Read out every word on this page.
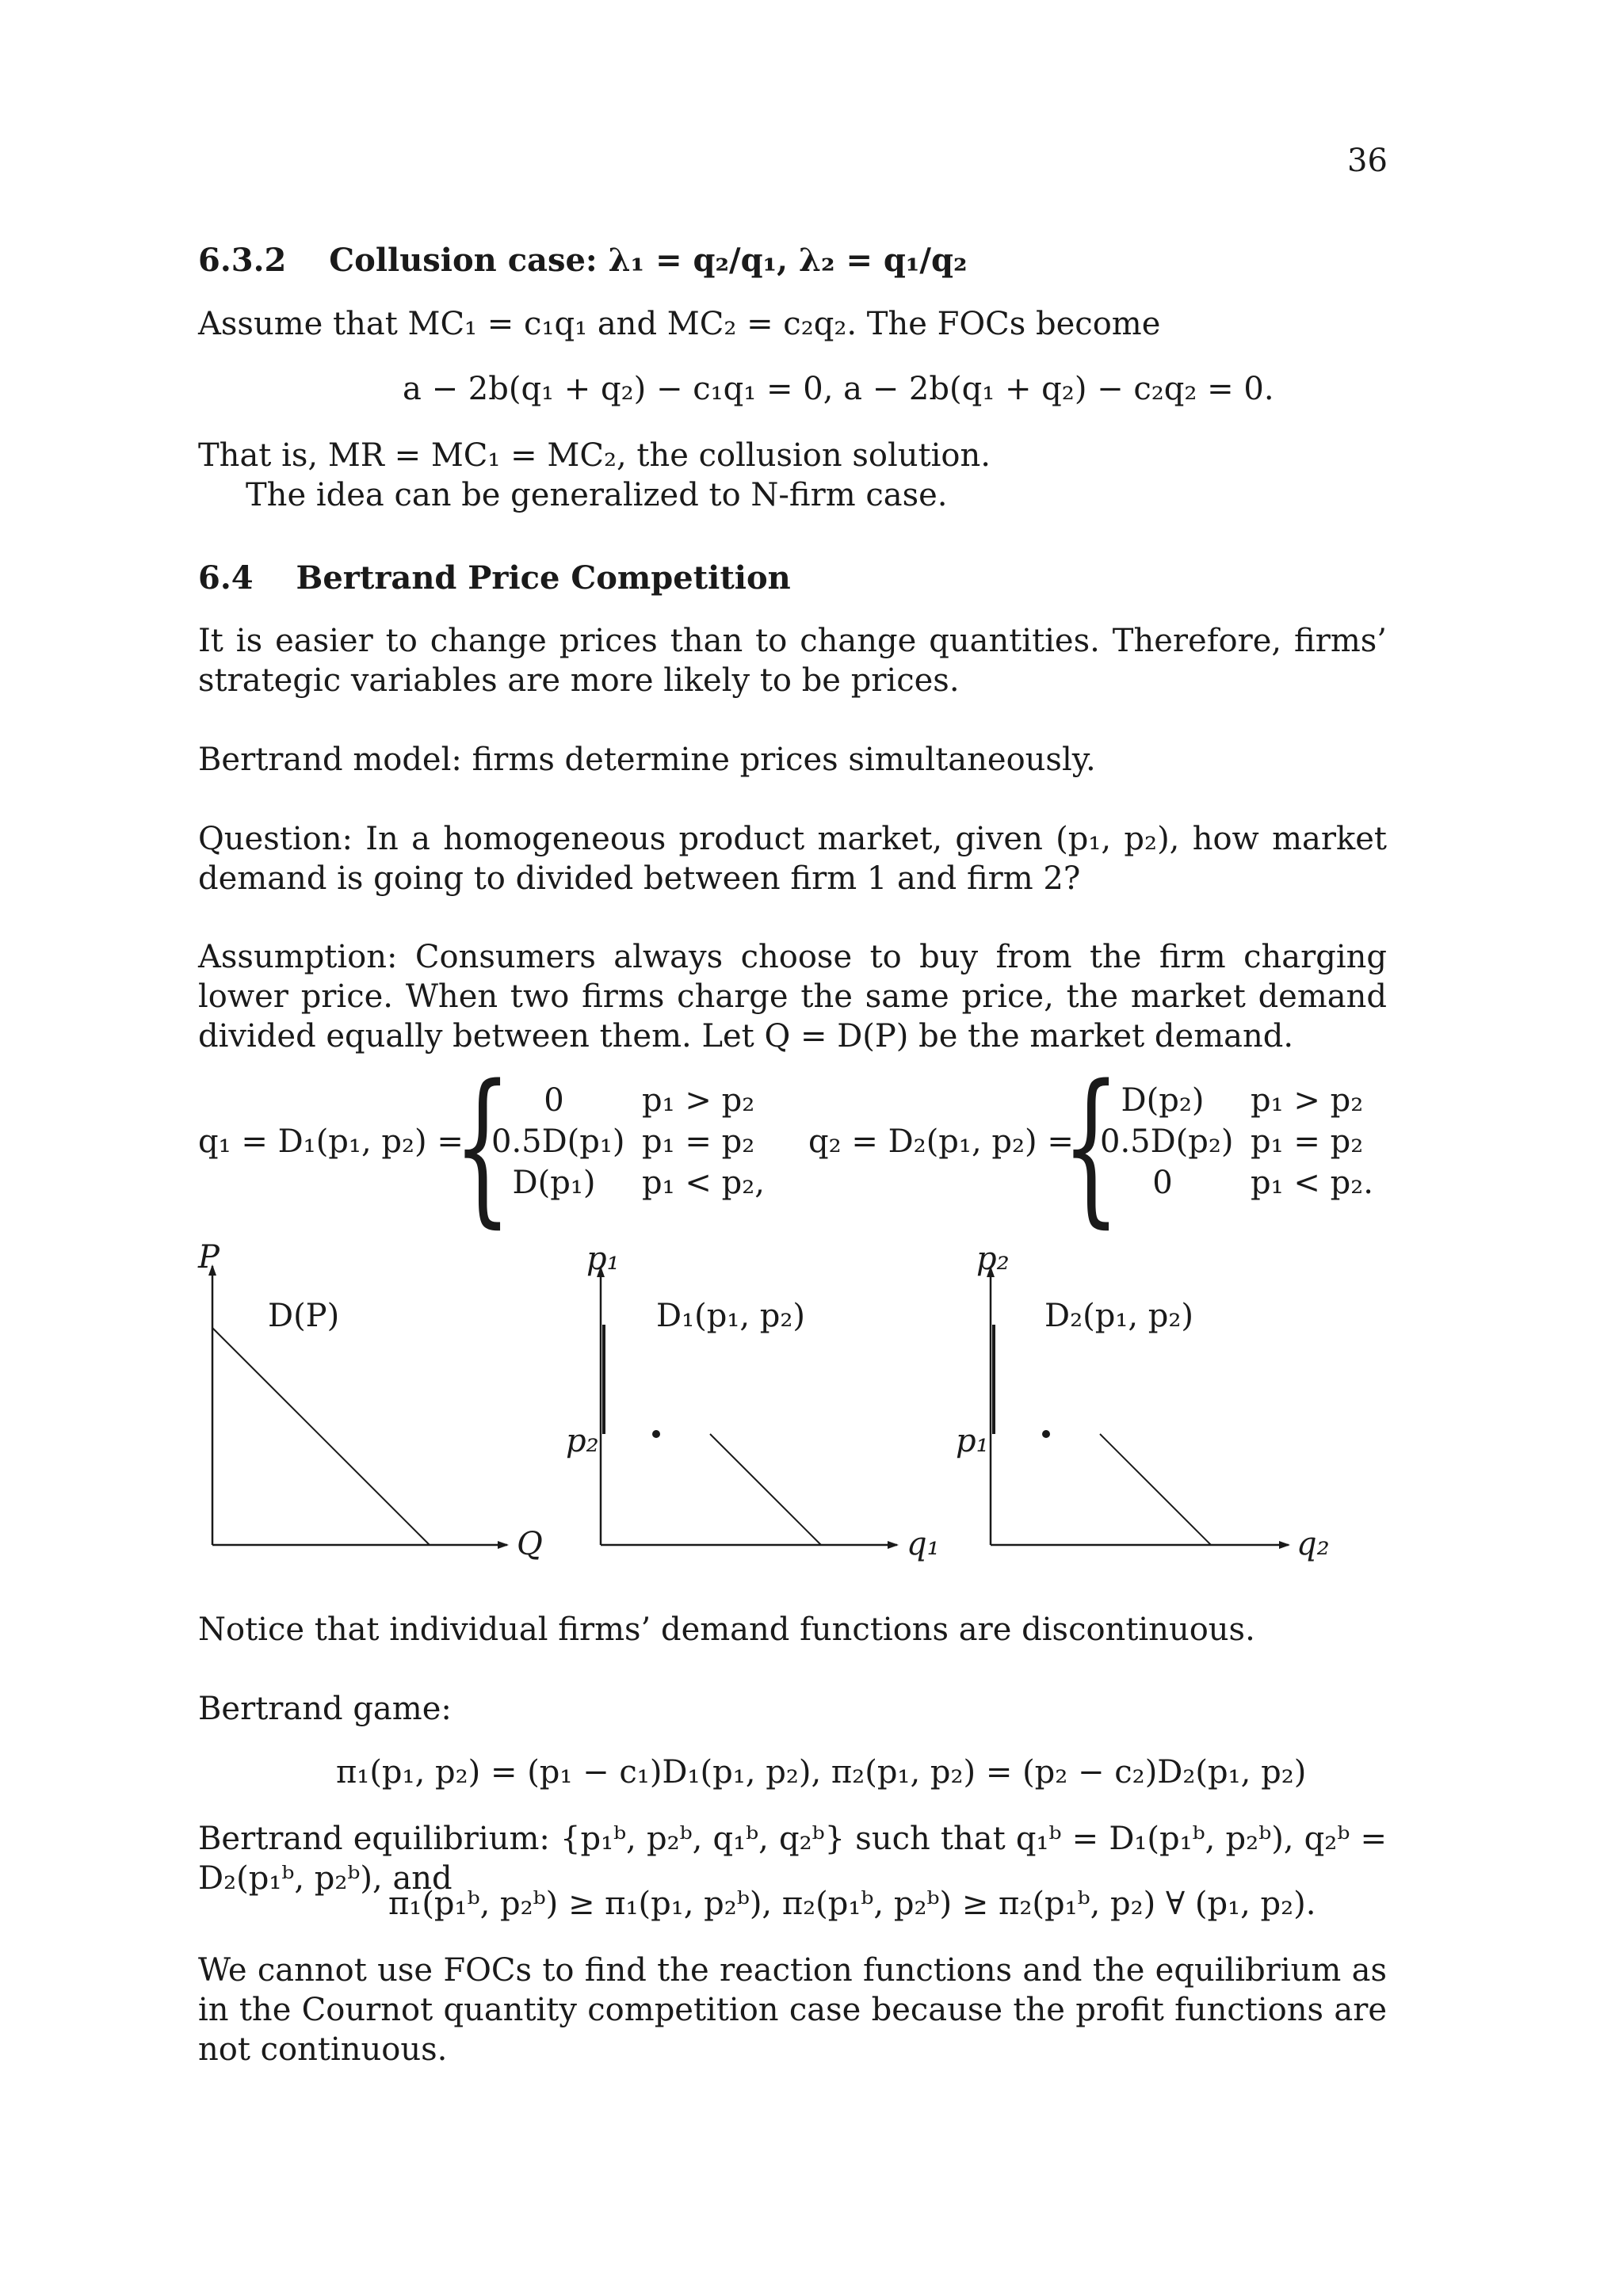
36
6.3.2 Collusion case: λ₁ = q₂/q₁, λ₂ = q₁/q₂
Assume that MC₁ = c₁q₁ and MC₂ = c₂q₂. The FOCs become
a − 2b(q₁ + q₂) − c₁q₁ = 0, a − 2b(q₁ + q₂) − c₂q₂ = 0.
That is, MR = MC₁ = MC₂, the collusion solution.
The idea can be generalized to N-firm case.
6.4 Bertrand Price Competition
It is easier to change prices than to change quantities. Therefore, firms’ strategic variables are more likely to be prices.
Bertrand model: firms determine prices simultaneously.
Question: In a homogeneous product market, given (p₁, p₂), how market demand is going to divided between firm 1 and firm 2?
Assumption: Consumers always choose to buy from the firm charging lower price. When two firms charge the same price, the market demand divided equally between them. Let Q = D(P) be the market demand.
q₁ = D₁(p₁, p₂) =
{	0	p₁ > p₂
0.5D(p₁) p₁ = p₂
D(p₁)	p₁ < p₂,
q₂ = D₂(p₁, p₂) =
{ D(p₂)	p₁ > p₂
0.5D(p₂) p₁ = p₂
0	p₁ < p₂.
P
Q
D(P)
p₁
q₁
p₂
D₁(p₁, p₂)
p₂
q₂
p₁
D₂(p₁, p₂)
Notice that individual firms’ demand functions are discontinuous.
Bertrand game:
π₁(p₁, p₂) = (p₁ − c₁)D₁(p₁, p₂), π₂(p₁, p₂) = (p₂ − c₂)D₂(p₁, p₂)
Bertrand equilibrium: {p₁ᵇ, p₂ᵇ, q₁ᵇ, q₂ᵇ} such that q₁ᵇ = D₁(p₁ᵇ, p₂ᵇ), q₂ᵇ = D₂(p₁ᵇ, p₂ᵇ), and
π₁(p₁ᵇ, p₂ᵇ) ≥ π₁(p₁, p₂ᵇ), π₂(p₁ᵇ, p₂ᵇ) ≥ π₂(p₁ᵇ, p₂) ∀ (p₁, p₂).
We cannot use FOCs to find the reaction functions and the equilibrium as in the Cournot quantity competition case because the profit functions are not continuous.
